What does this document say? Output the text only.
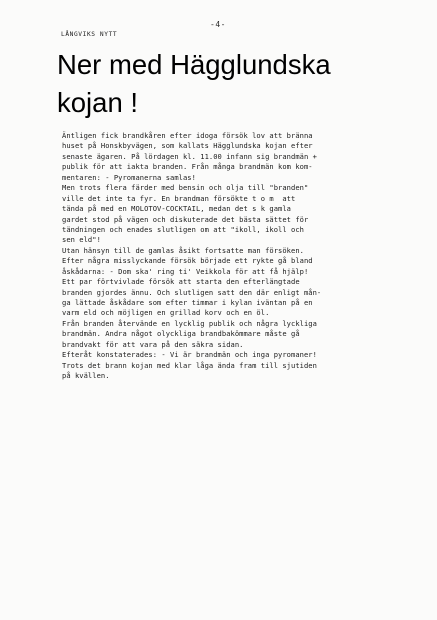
-4-
LÅNGVIKS NYTT
Ner med Hägglundska
kojan !
Äntligen fick brandkåren efter idoga försök lov att bränna
huset på Honskbyvägen, som kallats Hägglundska kojan efter
senaste ägaren. På lördagen kl. 11.00 infann sig brandmän +
publik för att iakta branden. Från många brandmän kom kom-
mentaren: - Pyromanerna samlas!
Men trots flera färder med bensin och olja till "branden"
ville det inte ta fyr. En brandman försökte t o m  att
tända på med en MOLOTOV-COCKTAIL, medan det s k gamla
gardet stod på vägen och diskuterade det bästa sättet för
tändningen och enades slutligen om att "ikoll, ikoll och
sen eld"!
Utan hänsyn till de gamlas åsikt fortsatte man försöken.
Efter några misslyckande försök började ett rykte gå bland
åskådarna: - Dom ska' ring ti' Veikkola för att få hjälp!
Ett par förtvivlade försök att starta den efterlängtade
branden gjordes ännu. Och slutligen satt den där enligt mån-
ga lättade åskådare som efter timmar i kylan iväntan på en
varm eld och möjligen en grillad korv och en öl.
Från branden återvände en lycklig publik och några lyckliga
brandmän. Andra något olyckliga brandbakömmare måste gå
brandvakt för att vara på den säkra sidan.
Efteråt konstaterades: - Vi är brandmän och inga pyromaner!
Trots det brann kojan med klar låga ända fram till sjutiden
på kvällen.
